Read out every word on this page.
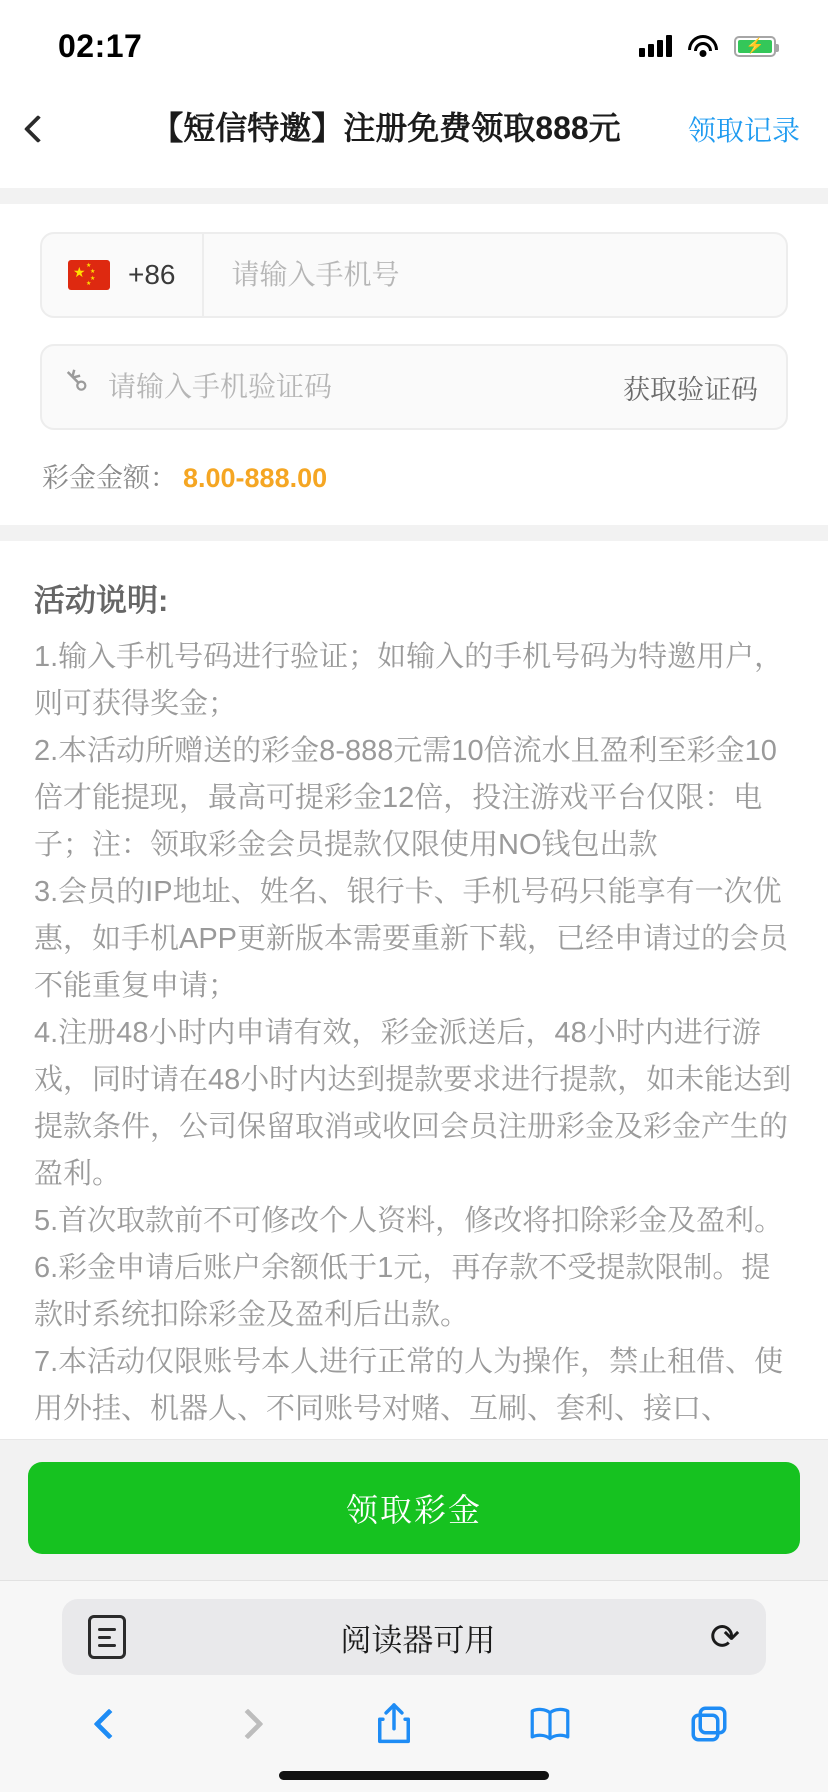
02:17	⚡
【短信特邀】注册免费领取888元	领取记录
★ ★
★
★
★ +86
请输入手机号
⚷
请输入手机验证码	获取验证码
彩金金额： 8.00-888.00
活动说明:

1.输入手机号码进行验证；如输入的手机号码为特邀用户，则可获得奖金；

2.本活动所赠送的彩金8-888元需10倍流水且盈利至彩金10倍才能提现，最高可提彩金12倍，投注游戏平台仅限：电子；注：领取彩金会员提款仅限使用NO钱包出款

3.会员的IP地址、姓名、银行卡、手机号码只能享有一次优惠，如手机APP更新版本需要重新下载，已经申请过的会员不能重复申请；

4.注册48小时内申请有效，彩金派送后，48小时内进行游戏，同时请在48小时内达到提款要求进行提款，如未能达到提款条件，公司保留取消或收回会员注册彩金及彩金产生的盈利。

5.首次取款前不可修改个人资料，修改将扣除彩金及盈利。

6.彩金申请后账户余额低于1元，再存款不受提款限制。提款时系统扣除彩金及盈利后出款。

7.本活动仅限账号本人进行正常的人为操作，禁止租借、使用外挂、机器人、不同账号对赌、互刷、套利、接口、

领取彩金
阅读器可用	⟳
